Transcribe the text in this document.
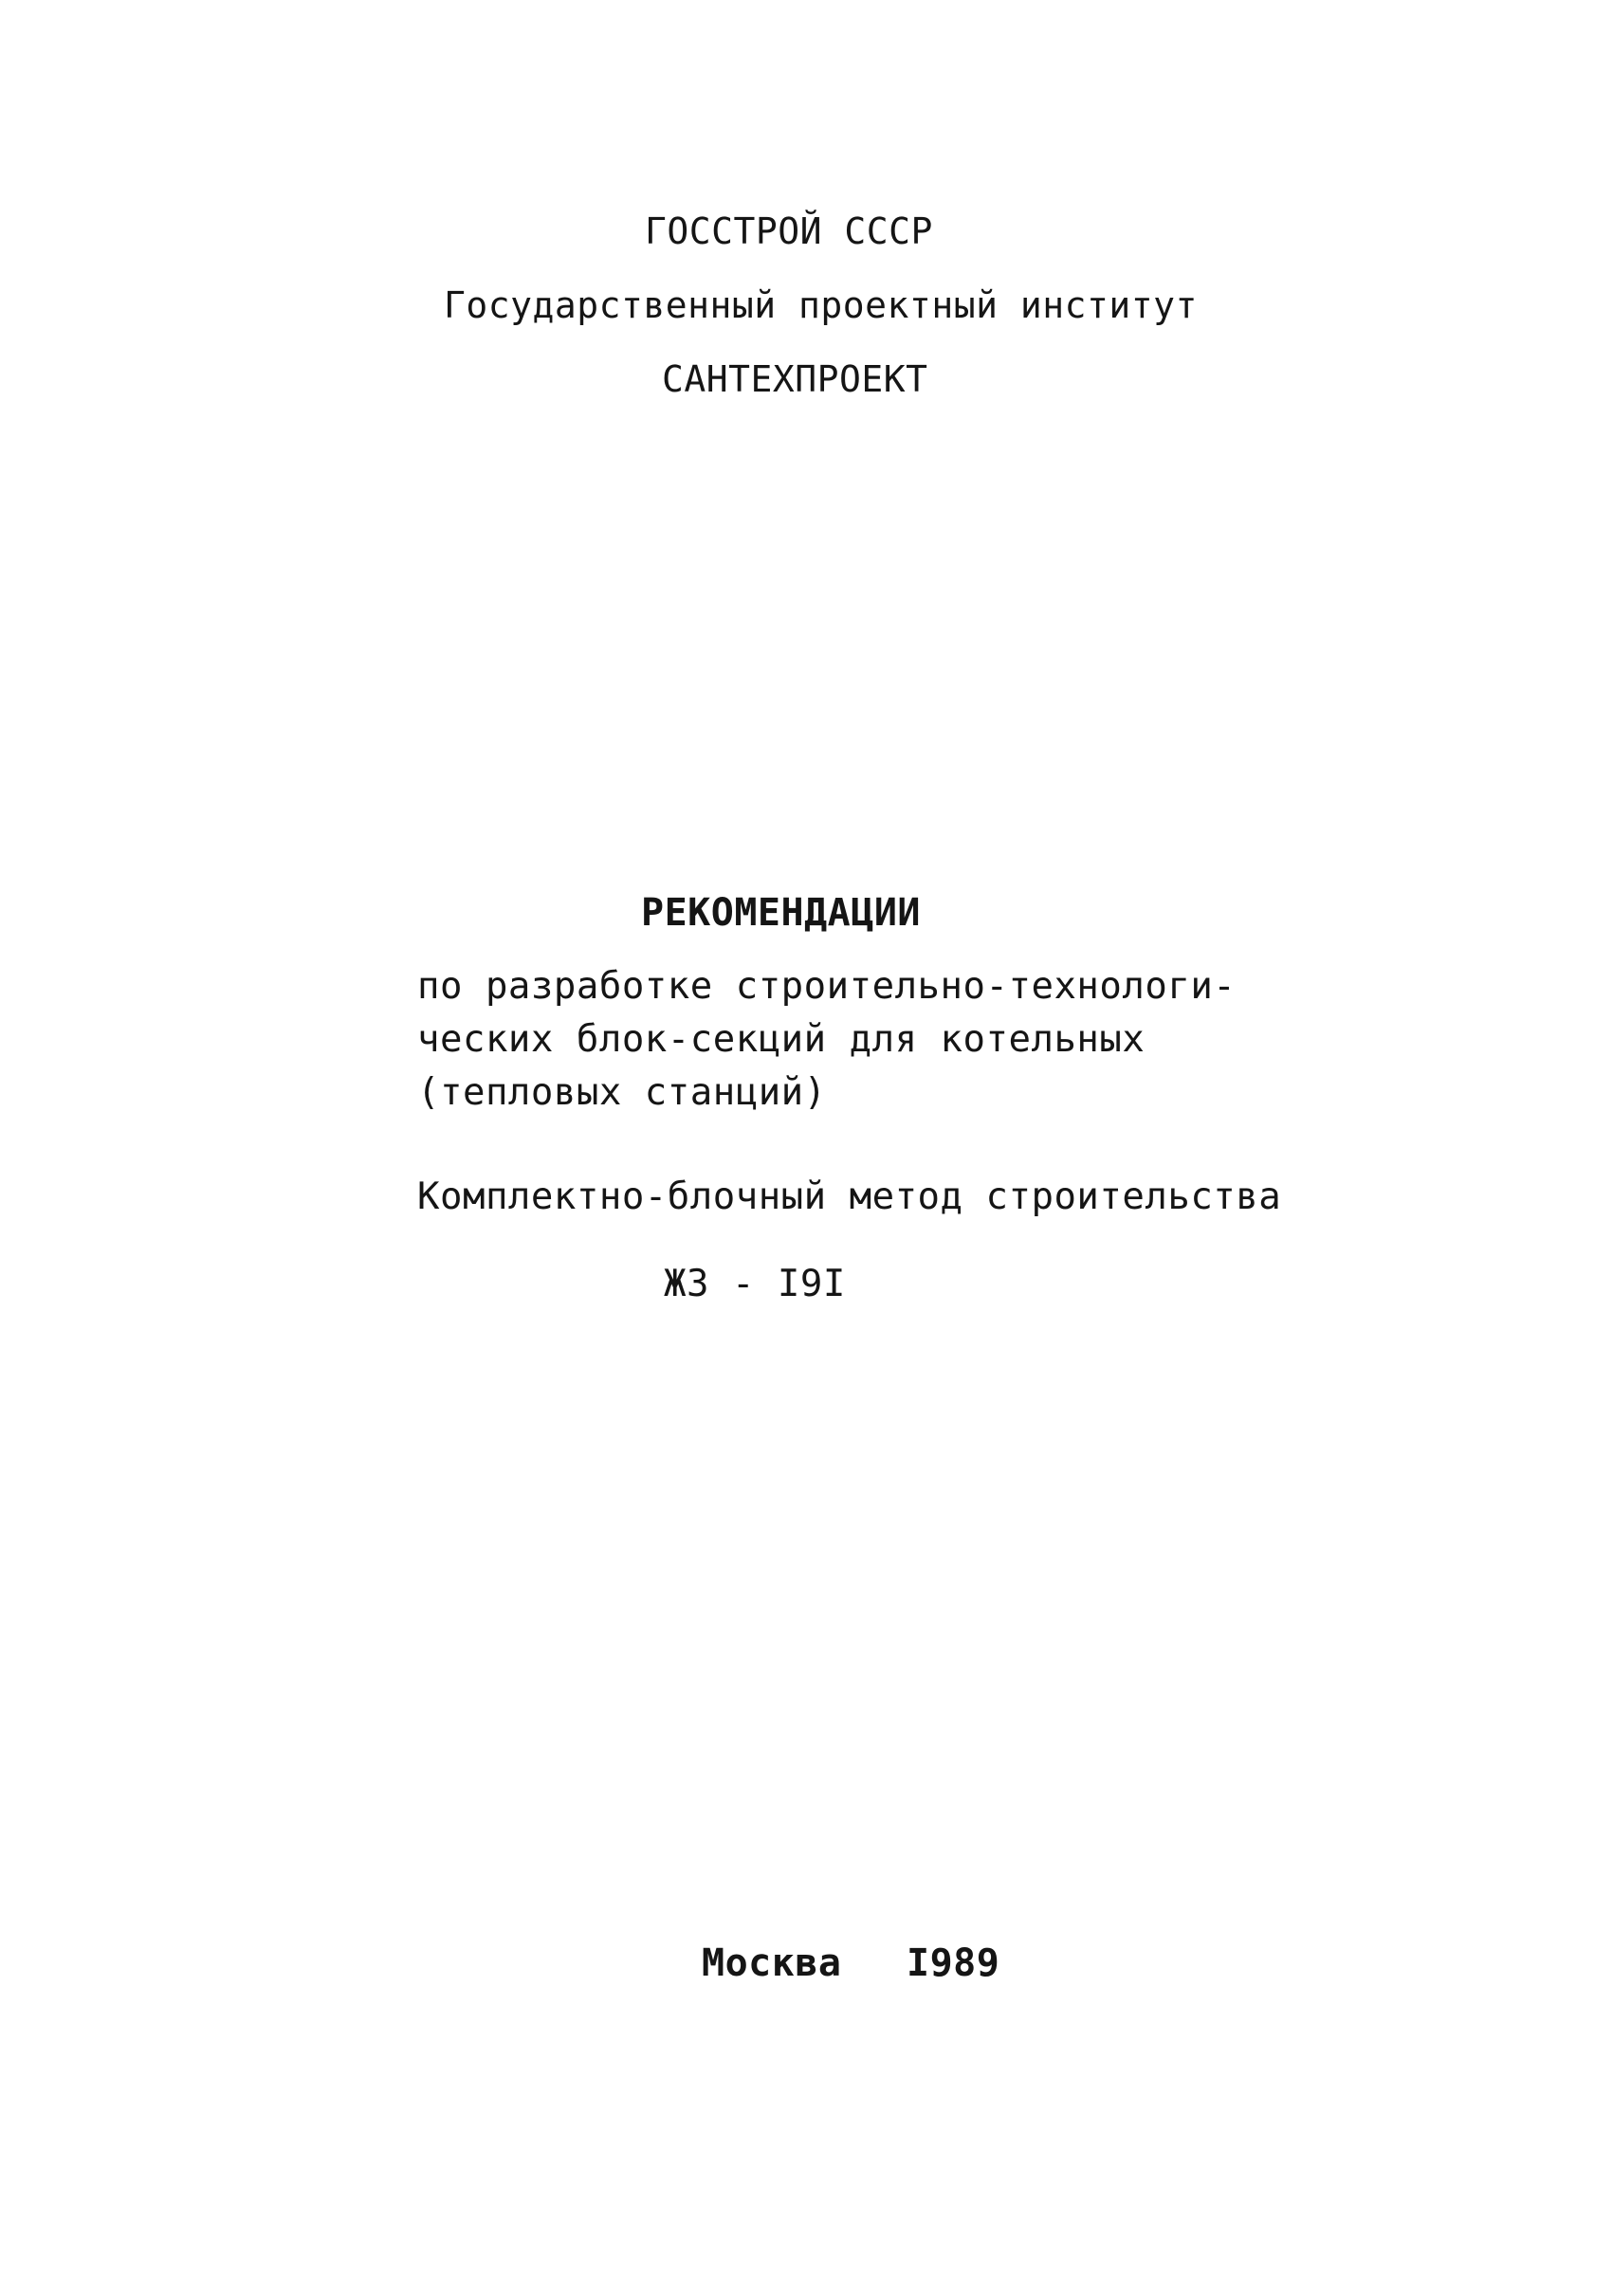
ГОССТРОЙ СССР
Государственный проектный институт
САНТЕХПРОЕКТ
РЕКОМЕНДАЦИИ
по разработке строительно-технологи-
ческих блок-секций для котельных
(тепловых станций)
Комплектно-блочный метод строительства
ЖЗ - I9I
Москва I989
